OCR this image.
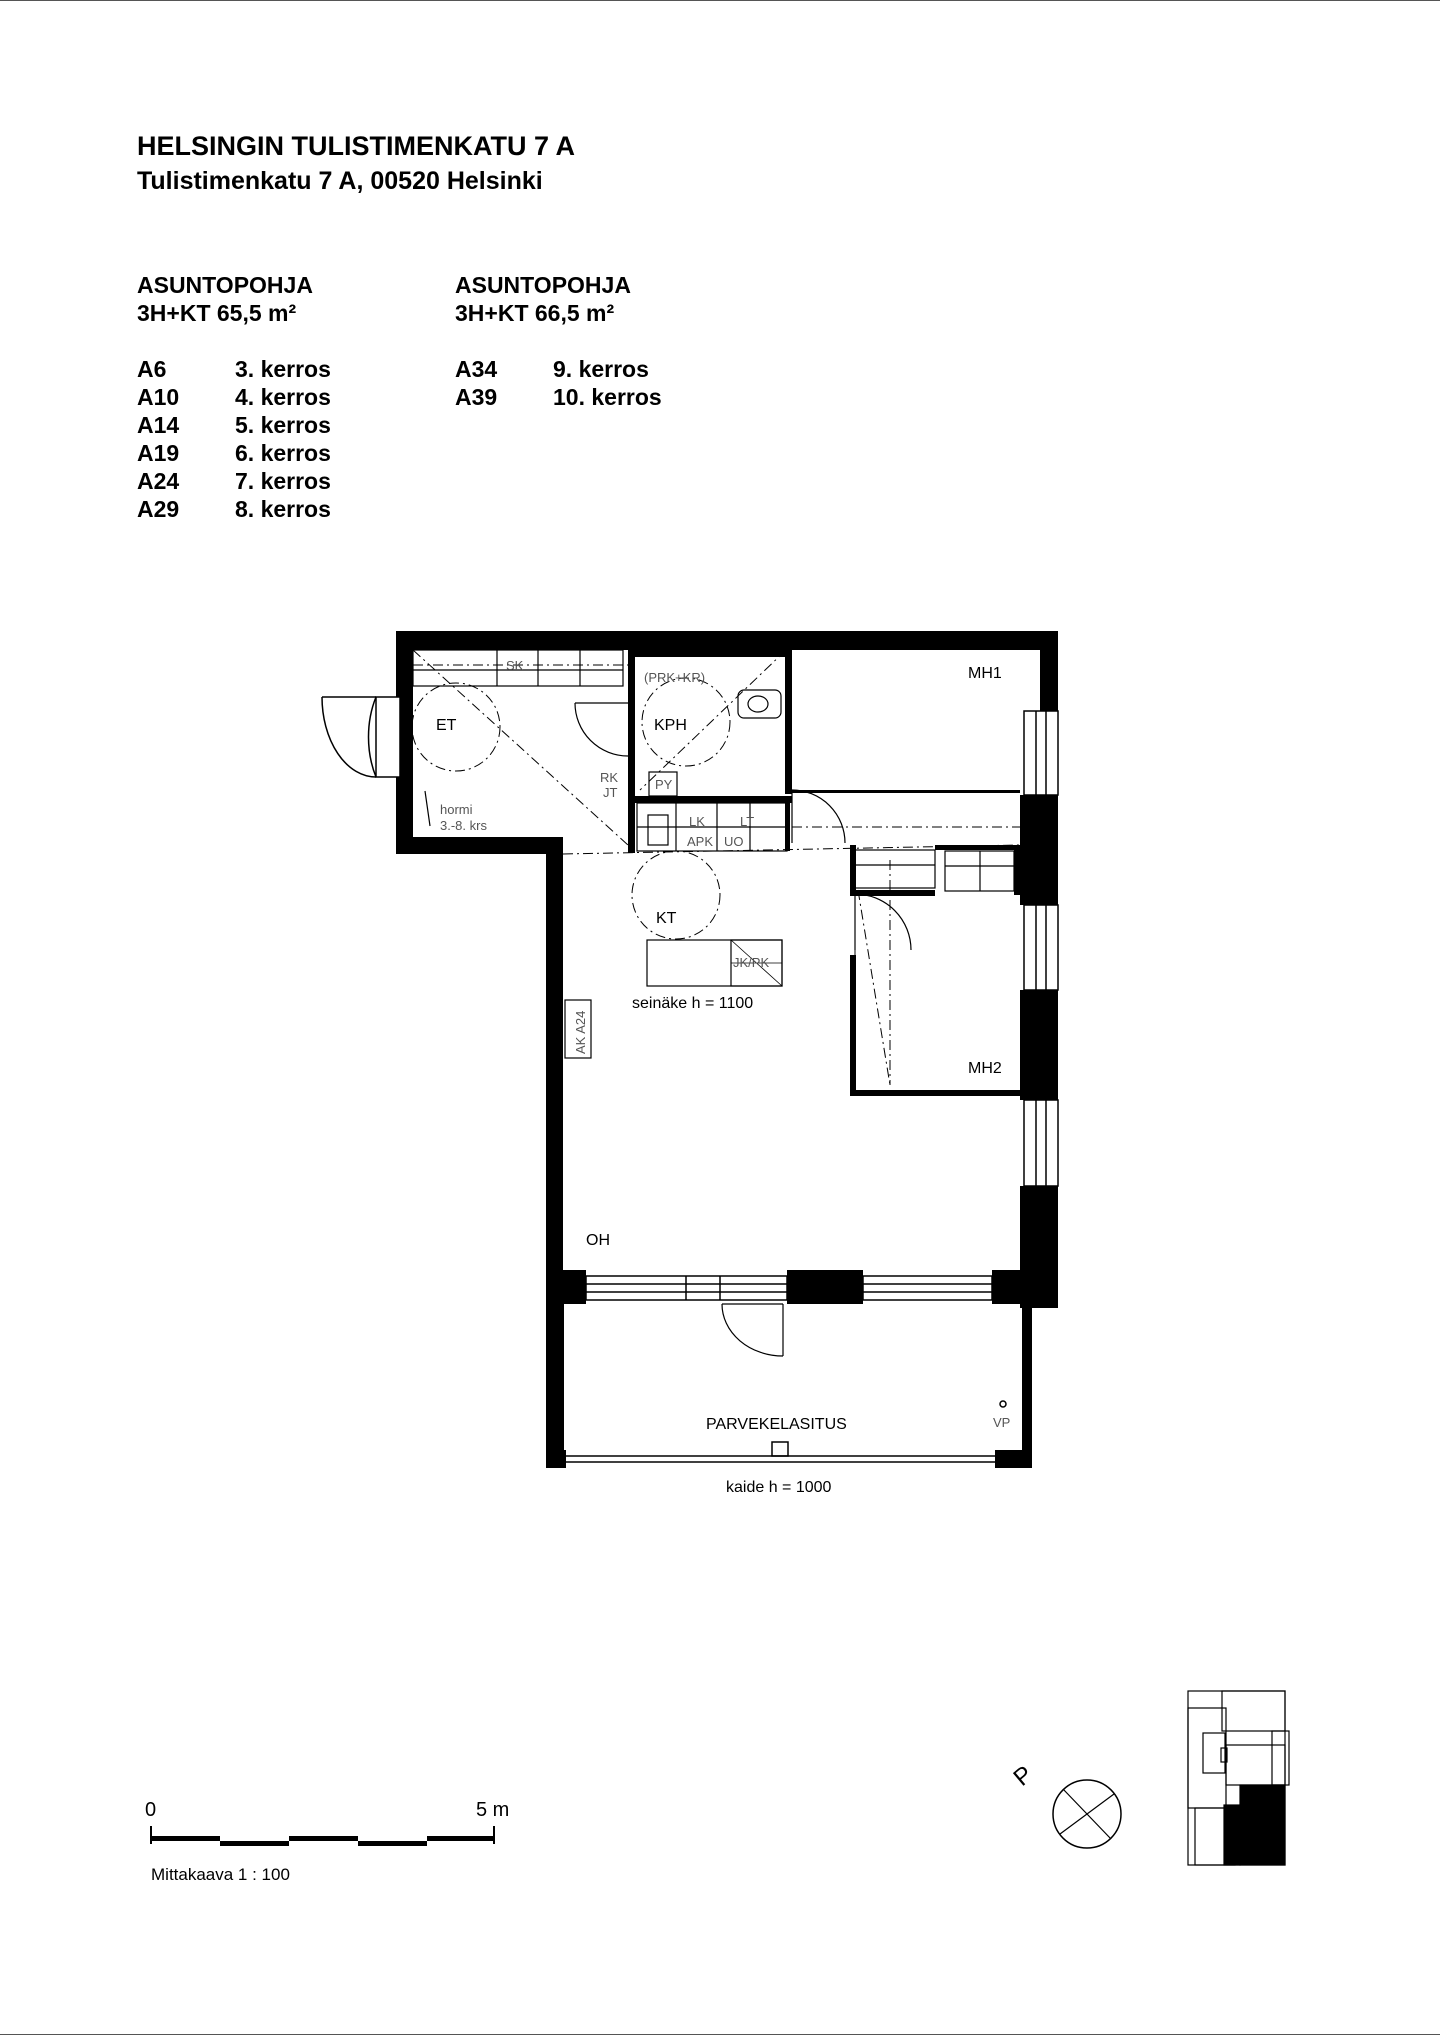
HELSINGIN TULISTIMENKATU 7 A
Tulistimenkatu 7 A, 00520 Helsinki
ASUNTOPOHJA
3H+KT 65,5 m²
A6	3. kerros
A10	4. kerros
A14	5. kerros
A19	6. kerros
A24	7. kerros
A29	8. kerros
ASUNTOPOHJA
3H+KT 66,5 m²
A34	9. kerros
A39	10. kerros
ET	KPH
MH1
MH2
KT
OH
PARVEKELASITUS
SK
(PRK+KR)
RK
JT
PY
hormi
3.-8. krs
APK UO
LK	LT
JK/PK
VP
AK A24
seinäke h = 1100
kaide h = 1000
0	5 m
Mittakaava 1 : 100
P
